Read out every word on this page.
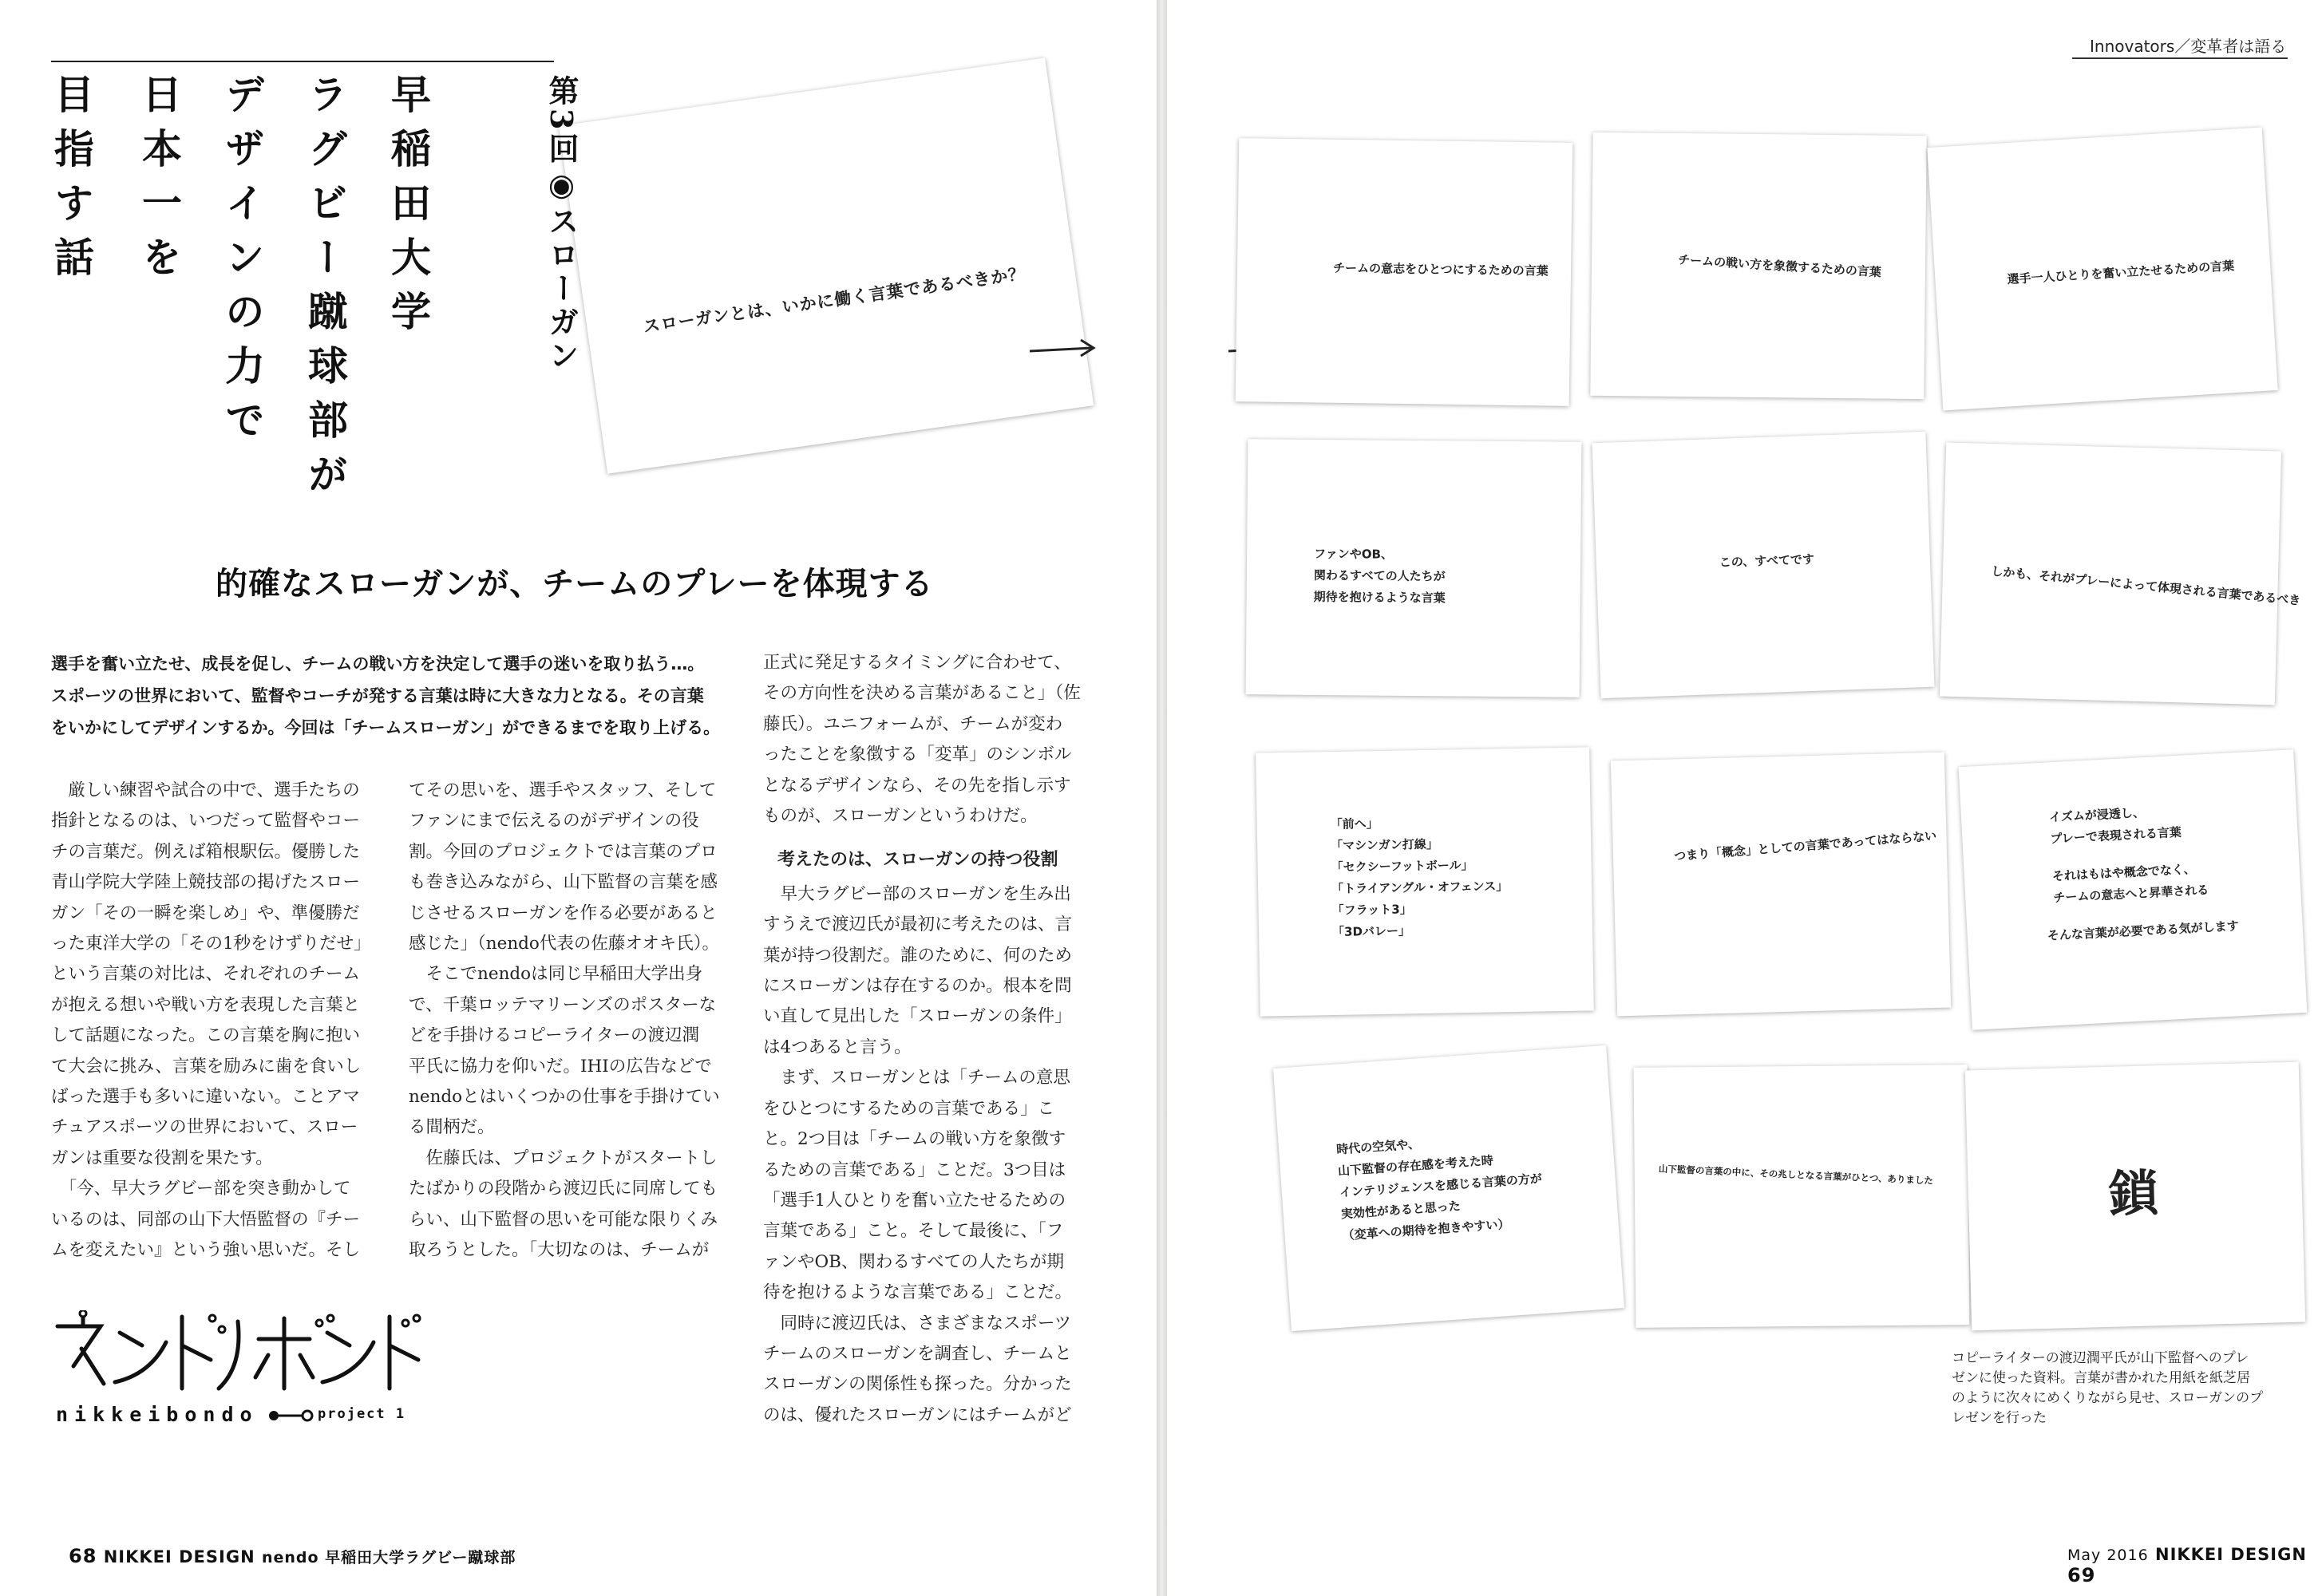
早稲田大学
ラグビー蹴球部が
デザインの力で
日本一を
目指す話
スローガンとは、いかに働く言葉であるべきか？
第3回◉スローガン
的確なスローガンが、チームのプレーを体現する

選手を奮い立たせ、成長を促し、チームの戦い方を決定して選手の迷いを取り払う…。

スポーツの世界において、監督やコーチが発する言葉は時に大きな力となる。その言葉

をいかにしてデザインするか。今回は「チームスローガン」ができるまでを取り上げる。

　厳しい練習や試合の中で、選手たちの

指針となるのは、いつだって監督やコー

チの言葉だ。例えば箱根駅伝。優勝した

青山学院大学陸上競技部の掲げたスロー

ガン「その一瞬を楽しめ」や、準優勝だ

った東洋大学の「その1秒をけずりだせ」

という言葉の対比は、それぞれのチーム

が抱える想いや戦い方を表現した言葉と

して話題になった。この言葉を胸に抱い

て大会に挑み、言葉を励みに歯を食いし

ばった選手も多いに違いない。ことアマ

チュアスポーツの世界において、スロー

ガンは重要な役割を果たす。

　「今、早大ラグビー部を突き動かして

いるのは、同部の山下大悟監督の『チー

ムを変えたい』という強い思いだ。そし

てその思いを、選手やスタッフ、そして

ファンにまで伝えるのがデザインの役

割。今回のプロジェクトでは言葉のプロ

も巻き込みながら、山下監督の言葉を感

じさせるスローガンを作る必要があると

感じた」（nendo代表の佐藤オオキ氏）。

　そこでnendoは同じ早稲田大学出身

で、千葉ロッテマリーンズのポスターな

どを手掛けるコピーライターの渡辺潤

平氏に協力を仰いだ。IHIの広告などで

nendoとはいくつかの仕事を手掛けてい

る間柄だ。

　佐藤氏は、プロジェクトがスタートし

たばかりの段階から渡辺氏に同席しても

らい、山下監督の思いを可能な限りくみ

取ろうとした。「大切なのは、チームが

正式に発足するタイミングに合わせて、

その方向性を決める言葉があること」（佐

藤氏）。ユニフォームが、チームが変わ

ったことを象徴する「変革」のシンボル

となるデザインなら、その先を指し示す

ものが、スローガンというわけだ。

考えたのは、スローガンの持つ役割

　早大ラグビー部のスローガンを生み出

すうえで渡辺氏が最初に考えたのは、言

葉が持つ役割だ。誰のために、何のため

にスローガンは存在するのか。根本を問

い直して見出した「スローガンの条件」

は4つあると言う。

　まず、スローガンとは「チームの意思

をひとつにするための言葉である」こ

と。2つ目は「チームの戦い方を象徴す

るための言葉である」ことだ。3つ目は

「選手1人ひとりを奮い立たせるための

言葉である」こと。そして最後に、「フ

ァンやOB、関わるすべての人たちが期

待を抱けるような言葉である」ことだ。

　同時に渡辺氏は、さまざまなスポーツ

チームのスローガンを調査し、チームと

スローガンの関係性も探った。分かった

のは、優れたスローガンにはチームがど

nikkeibondo	project 1
68 NIKKEI DESIGN nendo 早稲田大学ラグビー蹴球部
Innovators／変革者は語る
チームの意志をひとつにするための言葉	チームの戦い方を象徴するための言葉	選手一人ひとりを奮い立たせるための言葉
ファンやOB、
関わるすべての人たちが
期待を抱けるような言葉
この、すべてです
しかも、それがプレーによって体現される言葉であるべき
「前へ」
「マシンガン打線」
「セクシーフットボール」
「トライアングル・オフェンス」
「フラット3」
「3Dバレー」
つまり「概念」としての言葉であってはならない
イズムが浸透し、
プレーで表現される言葉
それはもはや概念でなく、
チームの意志へと昇華される
そんな言葉が必要である気がします
時代の空気や、
山下監督の存在感を考えた時
インテリジェンスを感じる言葉の方が
実効性があると思った
（変革への期待を抱きやすい）
山下監督の言葉の中に、その兆しとなる言葉がひとつ、ありました	鎖

コピーライターの渡辺潤平氏が山下監督へのプレ

ゼンに使った資料。言葉が書かれた用紙を紙芝居

のように次々にめくりながら見せ、スローガンのプ

レゼンを行った

May 2016 NIKKEI DESIGN 69
